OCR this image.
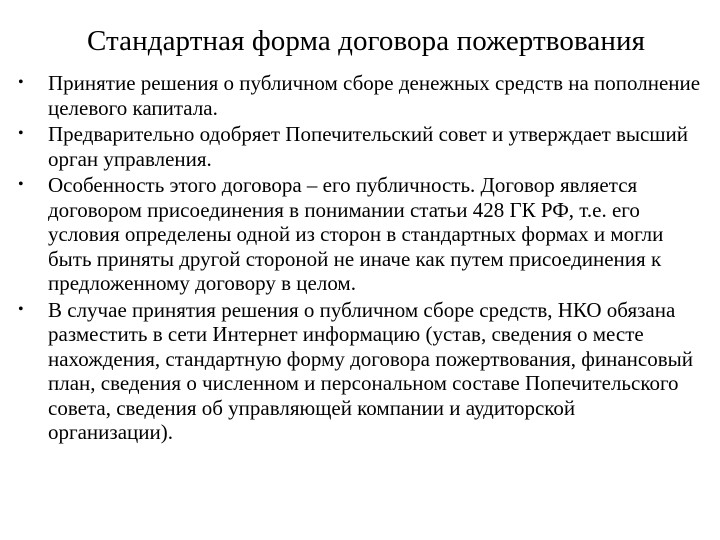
Стандартная форма договора пожертвования
• Принятие решения о публичном сборе денежных средств на пополнение целевого капитала.
• Предварительно одобряет Попечительский совет и утверждает высший орган управления.
• Особенность этого договора – его публичность. Договор является договором присоединения в понимании статьи 428 ГК РФ, т.е. его условия определены одной из сторон в стандартных формах и могли быть приняты другой стороной не иначе как путем присоединения к предложенному договору в целом.
• В случае принятия решения о публичном сборе средств, НКО обязана разместить в сети Интернет информацию (устав, сведения о месте нахождения, стандартную форму договора пожертвования, финансовый план, сведения о численном и персональном составе Попечительского совета, сведения об управляющей компании и аудиторской организации).
